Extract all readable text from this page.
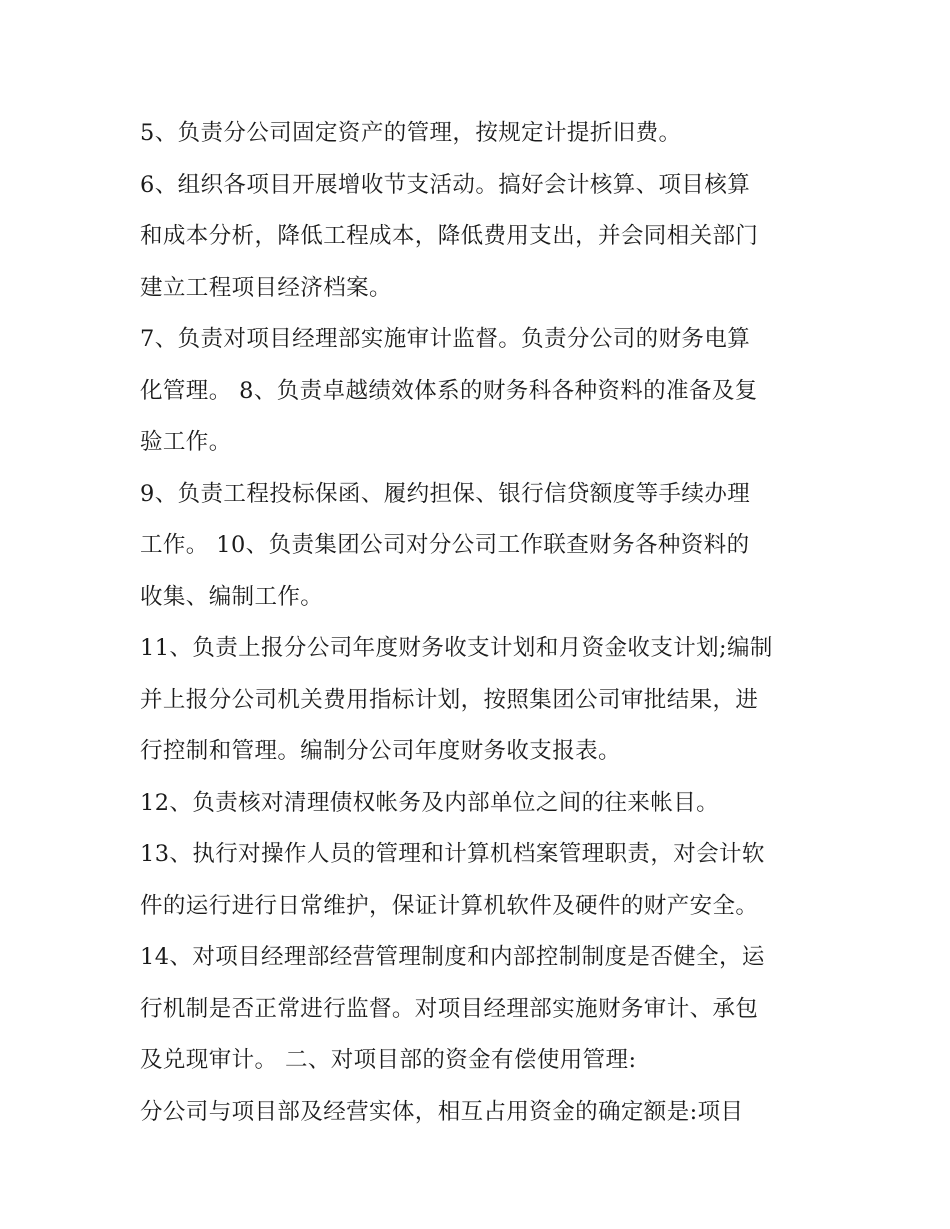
5、负责分公司固定资产的管理，按规定计提折旧费。
6、组织各项目开展增收节支活动。搞好会计核算、项目核算
和成本分析，降低工程成本，降低费用支出，并会同相关部门
建立工程项目经济档案。
7、负责对项目经理部实施审计监督。负责分公司的财务电算
化管理。 8、负责卓越绩效体系的财务科各种资料的准备及复
验工作。
9、负责工程投标保函、履约担保、银行信贷额度等手续办理
工作。 10、负责集团公司对分公司工作联查财务各种资料的
收集、编制工作。
11、负责上报分公司年度财务收支计划和月资金收支计划;编制
并上报分公司机关费用指标计划，按照集团公司审批结果，进
行控制和管理。编制分公司年度财务收支报表。
12、负责核对清理债权帐务及内部单位之间的往来帐目。
13、执行对操作人员的管理和计算机档案管理职责，对会计软
件的运行进行日常维护，保证计算机软件及硬件的财产安全。
14、对项目经理部经营管理制度和内部控制制度是否健全，运
行机制是否正常进行监督。对项目经理部实施财务审计、承包
及兑现审计。 二、对项目部的资金有偿使用管理:
分公司与项目部及经营实体，相互占用资金的确定额是:项目
